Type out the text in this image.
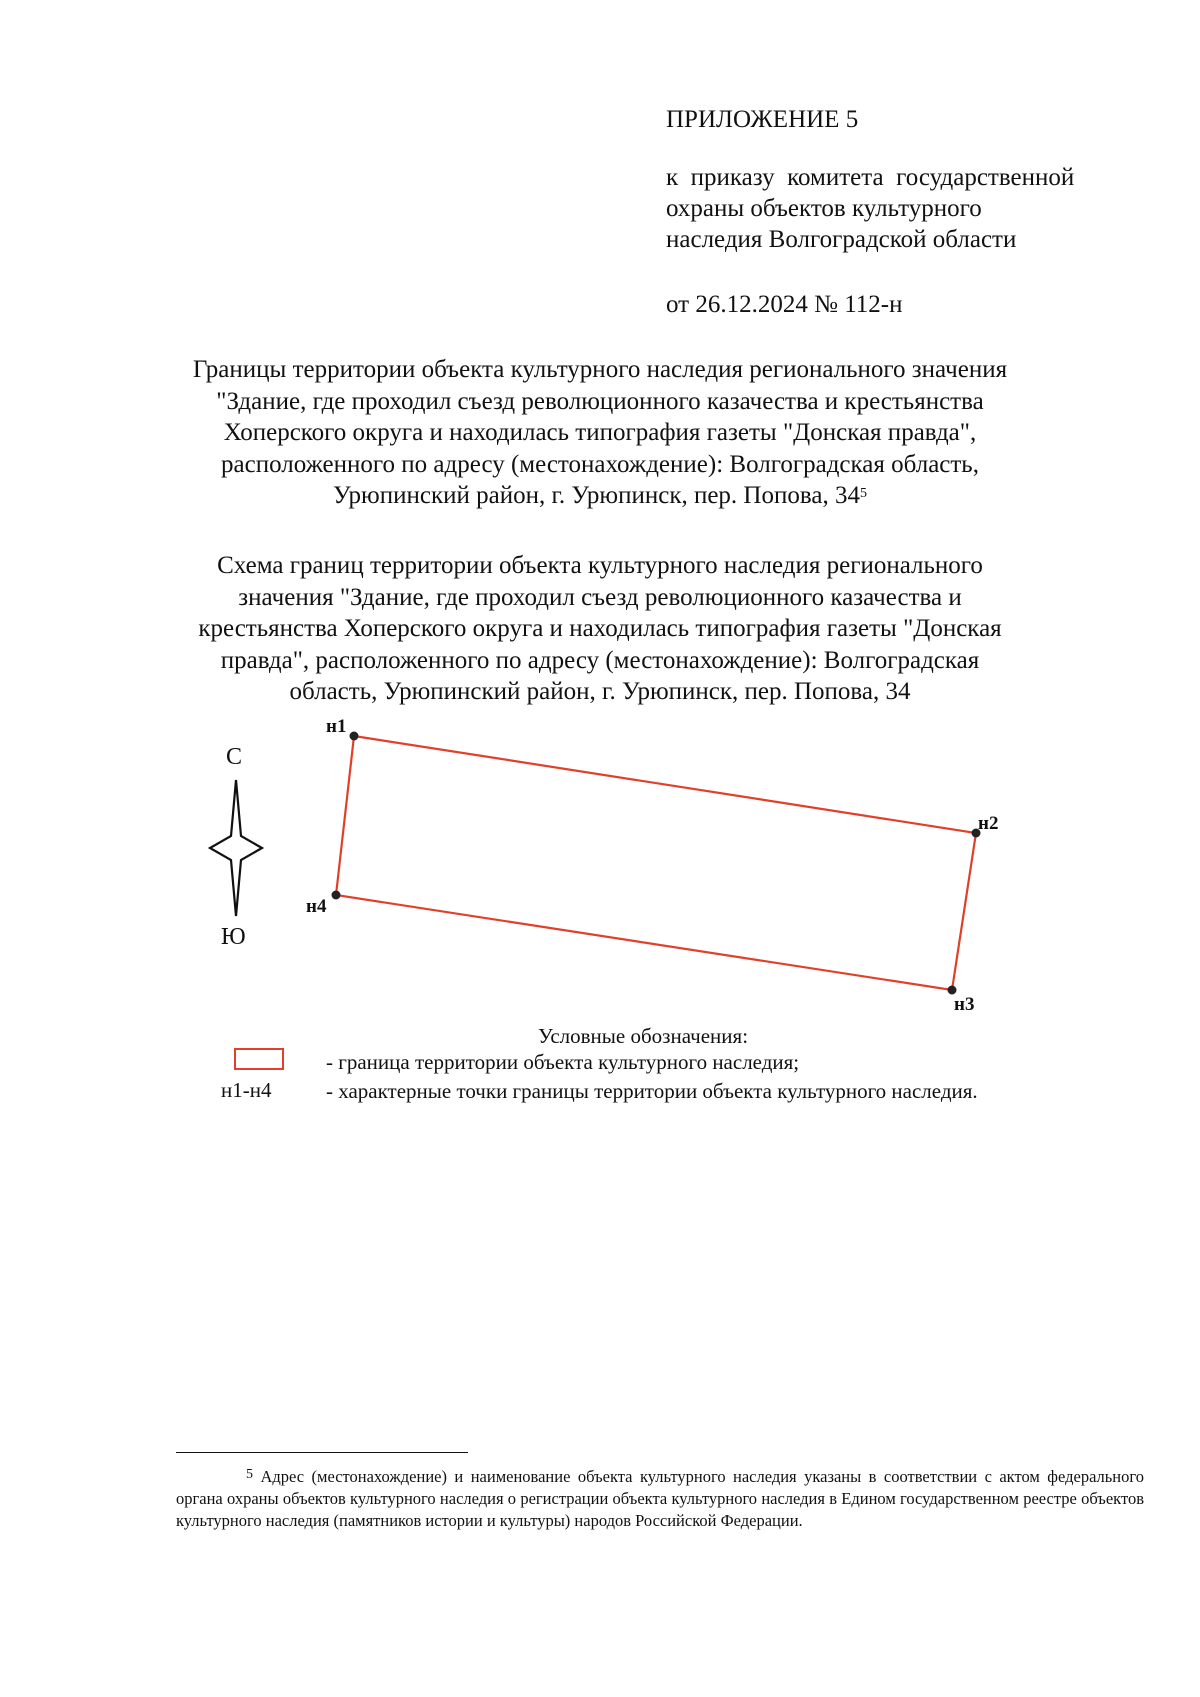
ПРИЛОЖЕНИЕ 5
к  приказу  комитета  государственной
охраны объектов культурного
наследия Волгоградской области
от 26.12.2024 № 112-н
Границы территории объекта культурного наследия регионального значения
"Здание, где проходил съезд революционного казачества и крестьянства
Хоперского округа и находилась типография газеты "Донская правда",
расположенного по адресу (местонахождение): Волгоградская область,
Урюпинский район, г. Урюпинск, пер. Попова, $34^5$
Схема границ территории объекта культурного наследия регионального
значения "Здание, где проходил съезд революционного казачества и
крестьянства Хоперского округа и находилась типография газеты "Донская
правда", расположенного по адресу (местонахождение): Волгоградская
область, Урюпинский район, г. Урюпинск, пер. Попова, 34
С
Ю
н1
н2
н3
н4
Условные обозначения:
- граница территории объекта культурного наследия;
н1-н4	- характерные точки границы территории объекта культурного наследия.
$^5$ Адрес (местонахождение) и наименование объекта культурного наследия указаны в соответствии с актом федерального органа охраны объектов культурного наследия о регистрации объекта культурного наследия в Едином государственном реестре объектов культурного наследия (памятников истории и культуры) народов Российской Федерации.
